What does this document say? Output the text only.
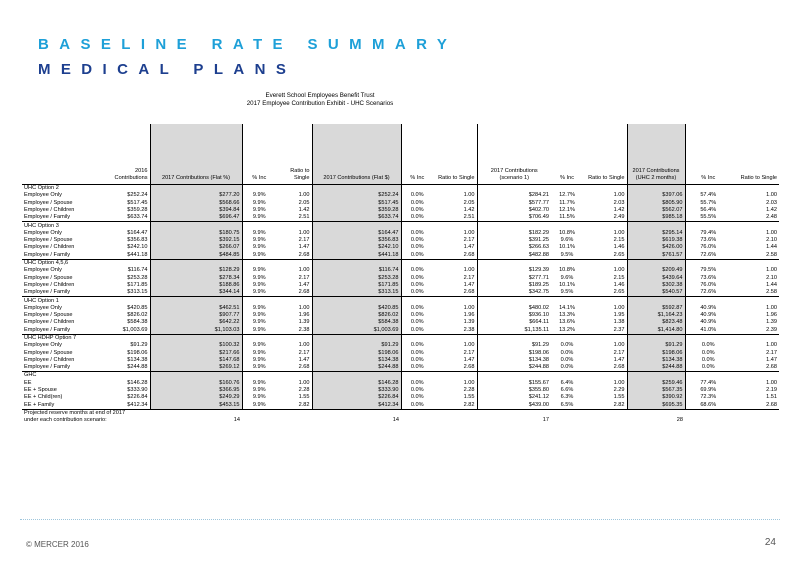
BASELINE RATE SUMMARY
MEDICAL PLANS
Everett School Employees Benefit Trust
2017 Employee Contribution Exhibit - UHC Scenarios
	2016 Contributions	2017 Contributions (Flat %)	% Inc	Ratio to Single	2017 Contributions (Flat $)	% Inc	Ratio to Single	2017 Contributions (scenario 1)	% Inc	Ratio to Single	2017 Contributions (UHC 2 months)	% Inc	Ratio to Single
UHC Option 2													
Employee Only	$252.24	$277.20	9.9%	1.00	$252.24	0.0%	1.00	$284.21	12.7%	1.00	$397.06	57.4%	1.00
Employee / Spouse	$517.45	$568.66	9.9%	2.05	$517.45	0.0%	2.05	$577.77	11.7%	2.03	$805.90	55.7%	2.03
Employee / Children	$359.28	$394.84	9.9%	1.42	$359.28	0.0%	1.42	$402.70	12.1%	1.42	$562.07	56.4%	1.42
Employee / Family	$633.74	$696.47	9.9%	2.51	$633.74	0.0%	2.51	$706.49	11.5%	2.49	$985.18	55.5%	2.48
UHC Option 3													
Employee Only	$164.47	$180.75	9.9%	1.00	$164.47	0.0%	1.00	$182.29	10.8%	1.00	$295.14	79.4%	1.00
Employee / Spouse	$356.83	$392.15	9.9%	2.17	$356.83	0.0%	2.17	$391.25	9.6%	2.15	$619.38	73.6%	2.10
Employee / Children	$242.10	$266.07	9.9%	1.47	$242.10	0.0%	1.47	$266.63	10.1%	1.46	$426.00	76.0%	1.44
Employee / Family	$441.18	$484.85	9.9%	2.68	$441.18	0.0%	2.68	$482.88	9.5%	2.65	$761.57	72.6%	2.58
UHC Option 4,5,6													
Employee Only	$116.74	$128.29	9.9%	1.00	$116.74	0.0%	1.00	$129.39	10.8%	1.00	$209.49	79.5%	1.00
Employee / Spouse	$253.28	$278.34	9.9%	2.17	$253.28	0.0%	2.17	$277.71	9.6%	2.15	$439.64	73.6%	2.10
Employee / Children	$171.85	$188.86	9.9%	1.47	$171.85	0.0%	1.47	$189.25	10.1%	1.46	$302.38	76.0%	1.44
Employee / Family	$313.15	$344.14	9.9%	2.68	$313.15	0.0%	2.68	$342.75	9.5%	2.65	$540.57	72.6%	2.58
UHC Option 1													
Employee Only	$420.85	$462.51	9.9%	1.00	$420.85	0.0%	1.00	$480.02	14.1%	1.00	$592.87	40.9%	1.00
Employee / Spouse	$826.02	$907.77	9.9%	1.96	$826.02	0.0%	1.96	$936.10	13.3%	1.95	$1,164.23	40.9%	1.96
Employee / Children	$584.38	$642.22	9.9%	1.39	$584.38	0.0%	1.39	$664.11	13.6%	1.38	$823.48	40.9%	1.39
Employee / Family	$1,003.69	$1,103.03	9.9%	2.38	$1,003.69	0.0%	2.38	$1,135.11	13.2%	2.37	$1,414.80	41.0%	2.39
UHC HDHP Option 7													
Employee Only	$91.29	$100.32	9.9%	1.00	$91.29	0.0%	1.00	$91.29	0.0%	1.00	$91.29	0.0%	1.00
Employee / Spouse	$198.06	$217.66	9.9%	2.17	$198.06	0.0%	2.17	$198.06	0.0%	2.17	$198.06	0.0%	2.17
Employee / Children	$134.38	$147.68	9.9%	1.47	$134.38	0.0%	1.47	$134.38	0.0%	1.47	$134.38	0.0%	1.47
Employee / Family	$244.88	$269.12	9.9%	2.68	$244.88	0.0%	2.68	$244.88	0.0%	2.68	$244.88	0.0%	2.68
GHC													
EE	$146.28	$160.76	9.9%	1.00	$146.28	0.0%	1.00	$155.67	6.4%	1.00	$259.46	77.4%	1.00
EE + Spouse	$333.90	$366.95	9.9%	2.28	$333.90	0.0%	2.28	$355.80	6.6%	2.29	$567.35	69.9%	2.19
EE + Child(ren)	$226.84	$249.29	9.9%	1.55	$226.84	0.0%	1.55	$241.12	6.3%	1.55	$390.92	72.3%	1.51
EE + Family	$412.34	$453.15	9.9%	2.82	$412.34	0.0%	2.82	$439.00	6.5%	2.82	$695.35	68.6%	2.68
Projected reserve months at end of 2017													
under each contribution scenario:		14			14			17			28		
© MERCER 2016	24
